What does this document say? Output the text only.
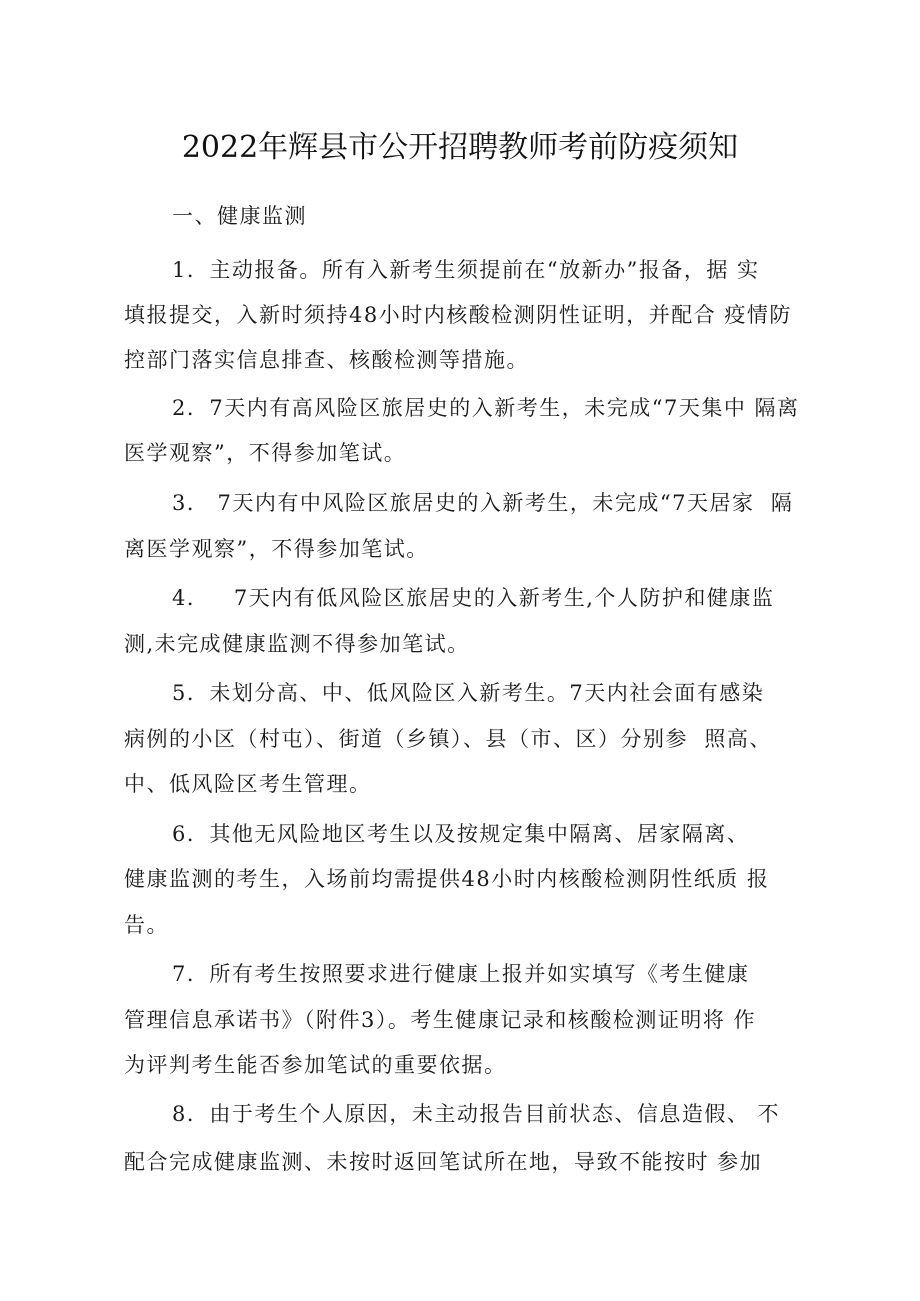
2022年辉县市公开招聘教师考前防疫须知
一、健康监测
1．主动报备。所有入新考生须提前在“放新办”报备，据 实
填报提交，入新时须持48小时内核酸检测阴性证明，并配合 疫情防
控部门落实信息排查、核酸检测等措施。
2．7天内有高风险区旅居史的入新考生，未完成“7天集中 隔离
医学观察”，不得参加笔试。
3． 7天内有中风险区旅居史的入新考生，未完成“7天居家  隔
离医学观察”，不得参加笔试。
4．   7天内有低风险区旅居史的入新考生,个人防护和健康监
测,未完成健康监测不得参加笔试。
5．未划分高、中、低风险区入新考生。7天内社会面有感染
病例的小区（村屯）、街道（乡镇）、县（市、区）分别参  照高、
中、低风险区考生管理。
6．其他无风险地区考生以及按规定集中隔离、居家隔离、
健康监测的考生，入场前均需提供48小时内核酸检测阴性纸质 报
告。
7．所有考生按照要求进行健康上报并如实填写《考生健康
管理信息承诺书》（附件3）。考生健康记录和核酸检测证明将 作
为评判考生能否参加笔试的重要依据。
8．由于考生个人原因，未主动报告目前状态、信息造假、 不
配合完成健康监测、未按时返回笔试所在地，导致不能按时 参加
